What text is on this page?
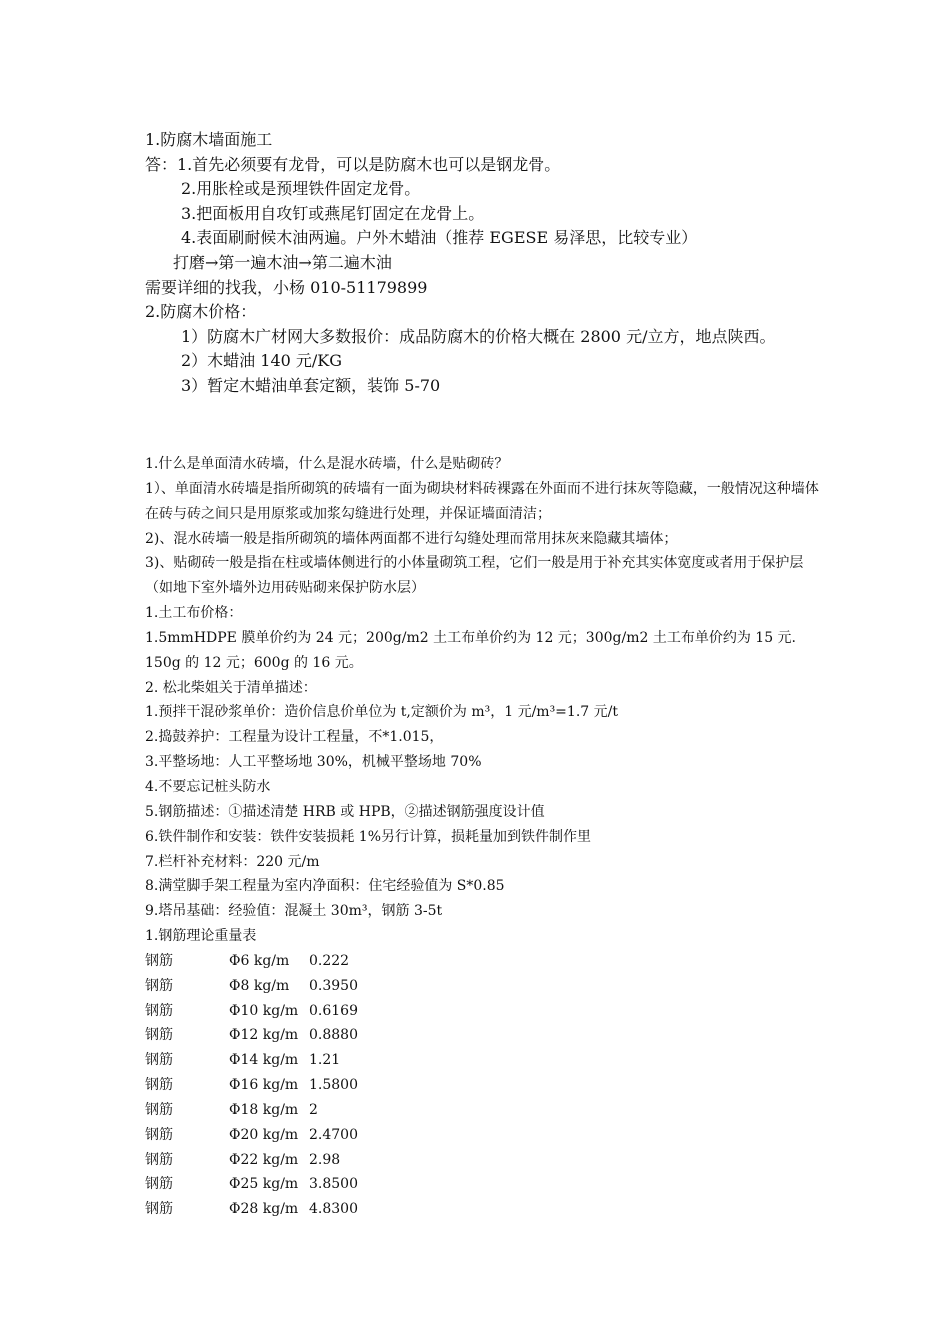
1.防腐木墙面施工
答：1.首先必须要有龙骨，可以是防腐木也可以是钢龙骨。
2.用胀栓或是预埋铁件固定龙骨。
3.把面板用自攻钉或燕尾钉固定在龙骨上。
4.表面刷耐候木油两遍。户外木蜡油（推荐 EGESE 易泽思，比较专业）
打磨→第一遍木油→第二遍木油
需要详细的找我，小杨 010-51179899
2.防腐木价格：
1）防腐木广材网大多数报价：成品防腐木的价格大概在 2800 元/立方，地点陕西。
2）木蜡油 140 元/KG
3）暂定木蜡油单套定额，装饰 5-70
1.什么是单面清水砖墙，什么是混水砖墙，什么是贴砌砖？
1）、单面清水砖墙是指所砌筑的砖墙有一面为砌块材料砖裸露在外面而不进行抹灰等隐藏，一般情况这种墙体在砖与砖之间只是用原浆或加浆勾缝进行处理，并保证墙面清洁；
2)、混水砖墙一般是指所砌筑的墙体两面都不进行勾缝处理而常用抹灰来隐藏其墙体；
3)、贴砌砖一般是指在柱或墙体侧进行的小体量砌筑工程，它们一般是用于补充其实体宽度或者用于保护层（如地下室外墙外边用砖贴砌来保护防水层）
1.土工布价格：
1.5mmHDPE 膜单价约为 24 元；200g/m2 土工布单价约为 12 元；300g/m2 土工布单价约为 15 元. 150g 的 12 元；600g 的 16 元。
2. 松北柴姐关于清单描述：
1.预拌干混砂浆单价：造价信息价单位为 t,定额价为 m³，1 元/m³=1.7 元/t
2.捣鼓养护：工程量为设计工程量，不*1.015，
3.平整场地：人工平整场地 30%，机械平整场地 70%
4.不要忘记桩头防水
5.钢筋描述：①描述清楚 HRB 或 HPB，②描述钢筋强度设计值
6.铁件制作和安装：铁件安装损耗 1%另行计算，损耗量加到铁件制作里
7.栏杆补充材料：220 元/m
8.满堂脚手架工程量为室内净面积：住宅经验值为 S*0.85
9.塔吊基础：经验值：混凝土 30m³，钢筋 3-5t
1.钢筋理论重量表
钢筋	Φ6 kg/m	0.222
钢筋	Φ8 kg/m	0.3950
钢筋	Φ10 kg/m 0.6169
钢筋	Φ12 kg/m 0.8880
钢筋	Φ14 kg/m 1.21
钢筋	Φ16 kg/m 1.5800
钢筋	Φ18 kg/m 2
钢筋	Φ20 kg/m 2.4700
钢筋	Φ22 kg/m 2.98
钢筋	Φ25 kg/m 3.8500
钢筋	Φ28 kg/m 4.8300
